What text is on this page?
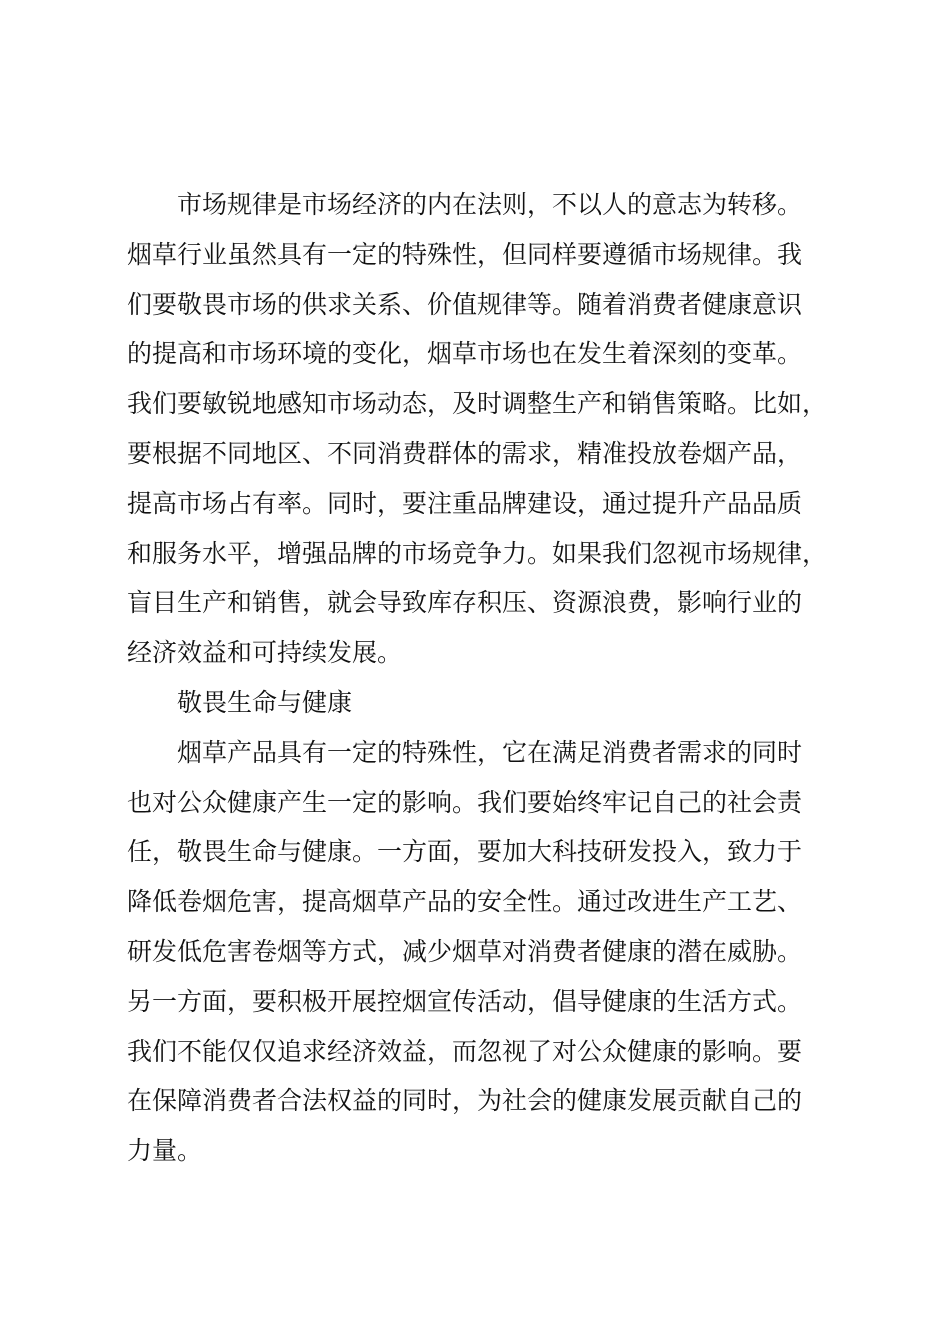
市场规律是市场经济的内在法则，不以人的意志为转移。
烟草行业虽然具有一定的特殊性，但同样要遵循市场规律。我
们要敬畏市场的供求关系、价值规律等。随着消费者健康意识
的提高和市场环境的变化，烟草市场也在发生着深刻的变革。
我们要敏锐地感知市场动态，及时调整生产和销售策略。比如，
要根据不同地区、不同消费群体的需求，精准投放卷烟产品，
提高市场占有率。同时，要注重品牌建设，通过提升产品品质
和服务水平，增强品牌的市场竞争力。如果我们忽视市场规律，
盲目生产和销售，就会导致库存积压、资源浪费，影响行业的
经济效益和可持续发展。
敬畏生命与健康
烟草产品具有一定的特殊性，它在满足消费者需求的同时
也对公众健康产生一定的影响。我们要始终牢记自己的社会责
任，敬畏生命与健康。一方面，要加大科技研发投入，致力于
降低卷烟危害，提高烟草产品的安全性。通过改进生产工艺、
研发低危害卷烟等方式，减少烟草对消费者健康的潜在威胁。
另一方面，要积极开展控烟宣传活动，倡导健康的生活方式。
我们不能仅仅追求经济效益，而忽视了对公众健康的影响。要
在保障消费者合法权益的同时，为社会的健康发展贡献自己的
力量。
